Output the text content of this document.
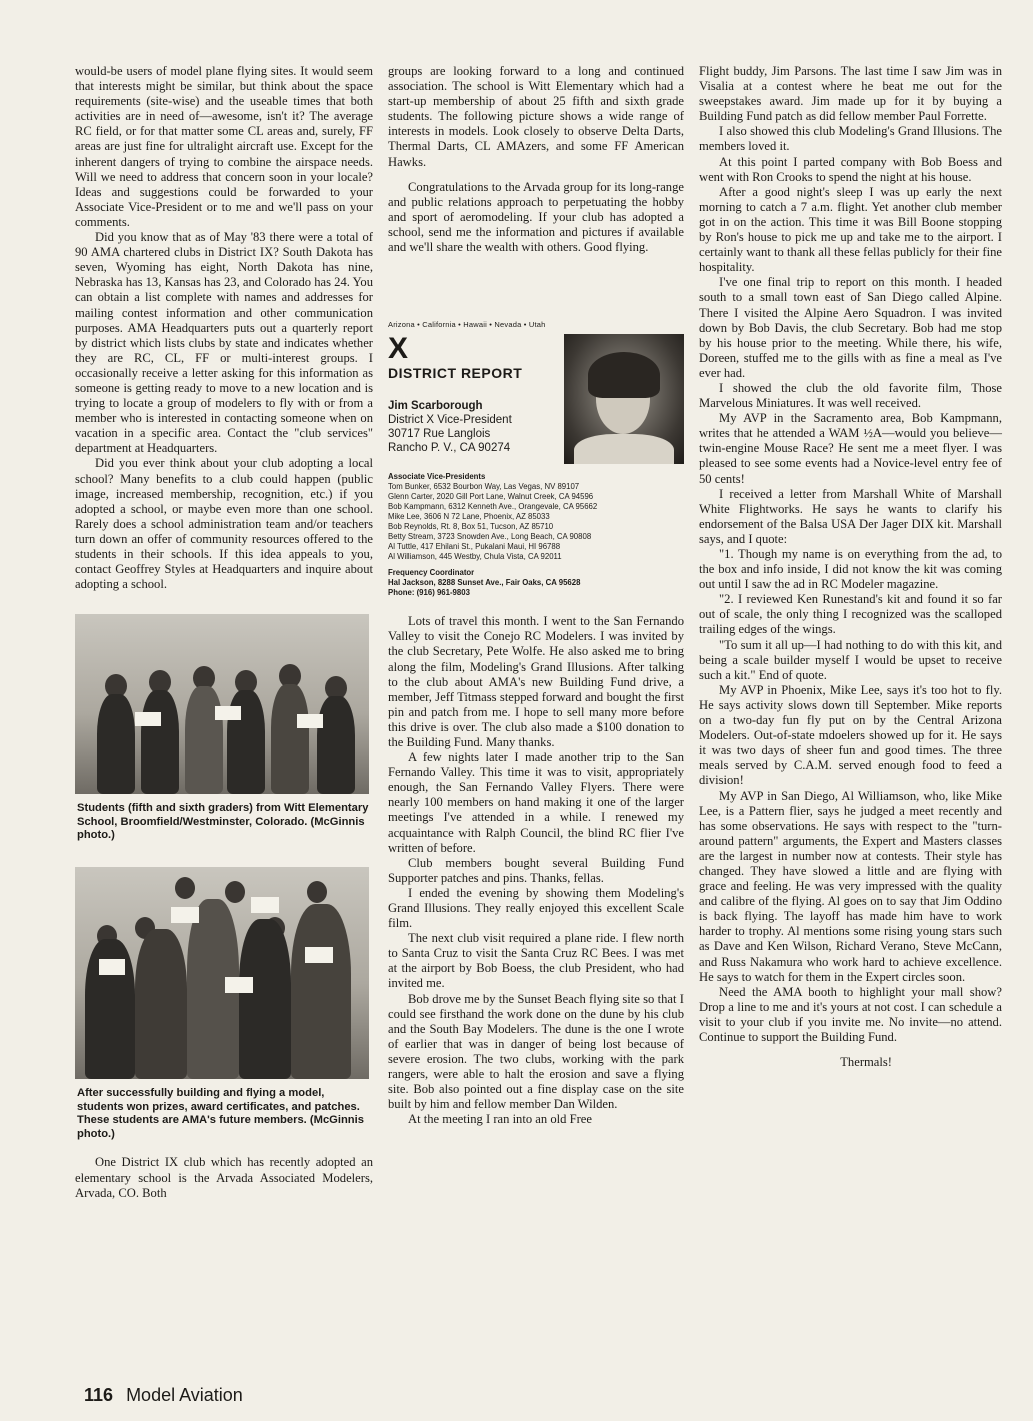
would-be users of model plane flying sites. It would seem that interests might be similar, but think about the space requirements (site-wise) and the useable times that both activities are in need of—awesome, isn't it? The average RC field, or for that matter some CL areas and, surely, FF areas are just fine for ultralight aircraft use. Except for the inherent dangers of trying to combine the airspace needs. Will we need to address that concern soon in your locale? Ideas and suggestions could be forwarded to your Associate Vice-President or to me and we'll pass on your comments.

Did you know that as of May '83 there were a total of 90 AMA chartered clubs in District IX? South Dakota has seven, Wyoming has eight, North Dakota has nine, Nebraska has 13, Kansas has 23, and Colorado has 24. You can obtain a list complete with names and addresses for mailing contest information and other communication purposes. AMA Headquarters puts out a quarterly report by district which lists clubs by state and indicates whether they are RC, CL, FF or multi-interest groups. I occasionally receive a letter asking for this information as someone is getting ready to move to a new location and is trying to locate a group of modelers to fly with or from a member who is interested in contacting someone when on vacation in a specific area. Contact the "club services" department at Headquarters.

Did you ever think about your club adopting a local school? Many benefits to a club could happen (public image, increased membership, recognition, etc.) if you adopted a school, or maybe even more than one school. Rarely does a school administration team and/or teachers turn down an offer of community resources offered to the students in their schools. If this idea appeals to you, contact Geoffrey Styles at Headquarters and inquire about adopting a school.

Students (fifth and sixth graders) from Witt Elementary School, Broomfield/Westminster, Colorado. (McGinnis photo.)
After successfully building and flying a model, students won prizes, award certificates, and patches. These students are AMA's future members. (McGinnis photo.)

One District IX club which has recently adopted an elementary school is the Arvada Associated Modelers, Arvada, CO. Both

groups are looking forward to a long and continued association. The school is Witt Elementary which had a start-up membership of about 25 fifth and sixth grade students. The following picture shows a wide range of interests in models. Look closely to observe Delta Darts, Thermal Darts, CL AMAzers, and some FF American Hawks.

Congratulations to the Arvada group for its long-range and public relations approach to perpetuating the hobby and sport of aeromodeling. If your club has adopted a school, send me the information and pictures if available and we'll share the wealth with others. Good flying.

Arizona • California • Hawaii • Nevada • Utah
X
DISTRICT REPORT
Jim Scarborough
District X Vice-President
30717 Rue Langlois
Rancho P. V., CA 90274
Associate Vice-Presidents
Tom Bunker, 6532 Bourbon Way, Las Vegas, NV 89107
Glenn Carter, 2020 Gill Port Lane, Walnut Creek, CA 94596
Bob Kampmann, 6312 Kenneth Ave., Orangevale, CA 95662
Mike Lee, 3606 N 72 Lane, Phoenix, AZ 85033
Bob Reynolds, Rt. 8, Box 51, Tucson, AZ 85710
Betty Stream, 3723 Snowden Ave., Long Beach, CA 90808
Al Tuttle, 417 Ehilani St., Pukalani Maui, HI 96788
Al Williamson, 445 Westby, Chula Vista, CA 92011
Frequency Coordinator
Hal Jackson, 8288 Sunset Ave., Fair Oaks, CA 95628
Phone: (916) 961-9803

Lots of travel this month. I went to the San Fernando Valley to visit the Conejo RC Modelers. I was invited by the club Secretary, Pete Wolfe. He also asked me to bring along the film, Modeling's Grand Illusions. After talking to the club about AMA's new Building Fund drive, a member, Jeff Titmass stepped forward and bought the first pin and patch from me. I hope to sell many more before this drive is over. The club also made a $100 donation to the Building Fund. Many thanks.

A few nights later I made another trip to the San Fernando Valley. This time it was to visit, appropriately enough, the San Fernando Valley Flyers. There were nearly 100 members on hand making it one of the larger meetings I've attended in a while. I renewed my acquaintance with Ralph Council, the blind RC flier I've written of before.

Club members bought several Building Fund Supporter patches and pins. Thanks, fellas.

I ended the evening by showing them Modeling's Grand Illusions. They really enjoyed this excellent Scale film.

The next club visit required a plane ride. I flew north to Santa Cruz to visit the Santa Cruz RC Bees. I was met at the airport by Bob Boess, the club President, who had invited me.

Bob drove me by the Sunset Beach flying site so that I could see firsthand the work done on the dune by his club and the South Bay Modelers. The dune is the one I wrote of earlier that was in danger of being lost because of severe erosion. The two clubs, working with the park rangers, were able to halt the erosion and save a flying site. Bob also pointed out a fine display case on the site built by him and fellow member Dan Wilden.

At the meeting I ran into an old Free

Flight buddy, Jim Parsons. The last time I saw Jim was in Visalia at a contest where he beat me out for the sweepstakes award. Jim made up for it by buying a Building Fund patch as did fellow member Paul Forrette.

I also showed this club Modeling's Grand Illusions. The members loved it.

At this point I parted company with Bob Boess and went with Ron Crooks to spend the night at his house.

After a good night's sleep I was up early the next morning to catch a 7 a.m. flight. Yet another club member got in on the action. This time it was Bill Boone stopping by Ron's house to pick me up and take me to the airport. I certainly want to thank all these fellas publicly for their fine hospitality.

I've one final trip to report on this month. I headed south to a small town east of San Diego called Alpine. There I visited the Alpine Aero Squadron. I was invited down by Bob Davis, the club Secretary. Bob had me stop by his house prior to the meeting. While there, his wife, Doreen, stuffed me to the gills with as fine a meal as I've ever had.

I showed the club the old favorite film, Those Marvelous Miniatures. It was well received.

My AVP in the Sacramento area, Bob Kampmann, writes that he attended a WAM ½A—would you believe—twin-engine Mouse Race? He sent me a meet flyer. I was pleased to see some events had a Novice-level entry fee of 50 cents!

I received a letter from Marshall White of Marshall White Flightworks. He says he wants to clarify his endorsement of the Balsa USA Der Jager DIX kit. Marshall says, and I quote:

"1. Though my name is on everything from the ad, to the box and info inside, I did not know the kit was coming out until I saw the ad in RC Modeler magazine.

"2. I reviewed Ken Runestand's kit and found it so far out of scale, the only thing I recognized was the scalloped trailing edges of the wings.

"To sum it all up—I had nothing to do with this kit, and being a scale builder myself I would be upset to receive such a kit." End of quote.

My AVP in Phoenix, Mike Lee, says it's too hot to fly. He says activity slows down till September. Mike reports on a two-day fun fly put on by the Central Arizona Modelers. Out-of-state mdoelers showed up for it. He says it was two days of sheer fun and good times. The three meals served by C.A.M. served enough food to feed a division!

My AVP in San Diego, Al Williamson, who, like Mike Lee, is a Pattern flier, says he judged a meet recently and has some observations. He says with respect to the "turn-around pattern" arguments, the Expert and Masters classes are the largest in number now at contests. Their style has changed. They have slowed a little and are flying with grace and feeling. He was very impressed with the quality and calibre of the flying. Al goes on to say that Jim Oddino is back flying. The layoff has made him have to work harder to trophy. Al mentions some rising young stars such as Dave and Ken Wilson, Richard Verano, Steve McCann, and Russ Nakamura who work hard to achieve excellence. He says to watch for them in the Expert circles soon.

Need the AMA booth to highlight your mall show? Drop a line to me and it's yours at not cost. I can schedule a visit to your club if you invite me. No invite—no attend. Continue to support the Building Fund.

Thermals!

116 Model Aviation
